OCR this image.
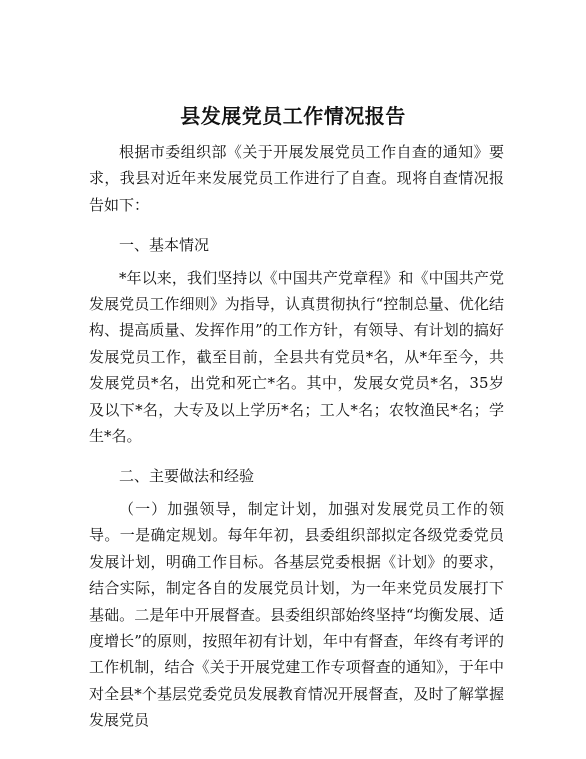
县发展党员工作情况报告

根据市委组织部《关于开展发展党员工作自查的通知》要求，我县对近年来发展党员工作进行了自查。现将自查情况报告如下：

一、基本情况

*年以来，我们坚持以《中国共产党章程》和《中国共产党发展党员工作细则》为指导，认真贯彻执行“控制总量、优化结构、提高质量、发挥作用”的工作方针，有领导、有计划的搞好发展党员工作，截至目前，全县共有党员*名，从*年至今，共发展党员*名，出党和死亡*名。其中，发展女党员*名，35岁及以下*名，大专及以上学历*名；工人*名；农牧渔民*名；学生*名。

二、主要做法和经验

（一）加强领导，制定计划，加强对发展党员工作的领导。一是确定规划。每年年初，县委组织部拟定各级党委党员发展计划，明确工作目标。各基层党委根据《计划》的要求，结合实际，制定各自的发展党员计划，为一年来党员发展打下基础。二是年中开展督查。县委组织部始终坚持“均衡发展、适度增长”的原则，按照年初有计划，年中有督查，年终有考评的工作机制，结合《关于开展党建工作专项督查的通知》，于年中对全县*个基层党委党员发展教育情况开展督查，及时了解掌握发展党员
